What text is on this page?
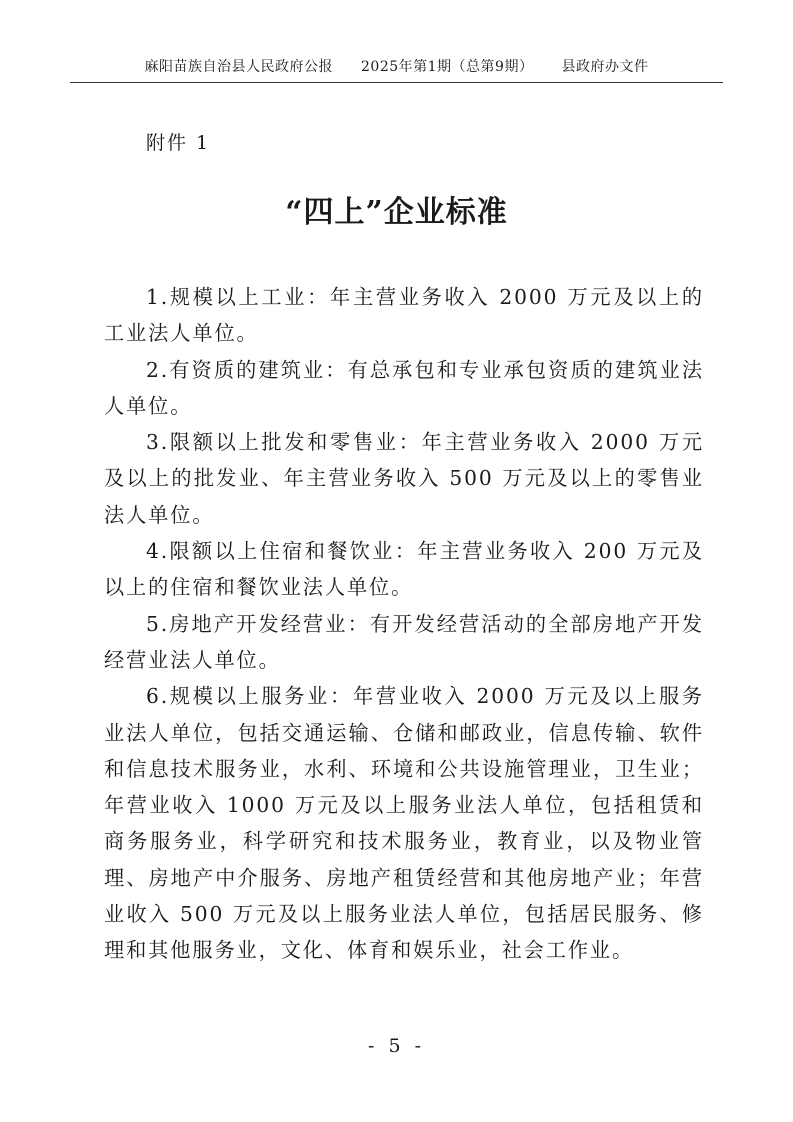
麻阳苗族自治县人民政府公报 2025年第1期（总第9期） 县政府办文件
附件 1
“四上”企业标准

1.规模以上工业：年主营业务收入 2000 万元及以上的工业法人单位。

2.有资质的建筑业：有总承包和专业承包资质的建筑业法人单位。

3.限额以上批发和零售业：年主营业务收入 2000 万元及以上的批发业、年主营业务收入 500 万元及以上的零售业法人单位。

4.限额以上住宿和餐饮业：年主营业务收入 200 万元及以上的住宿和餐饮业法人单位。

5.房地产开发经营业：有开发经营活动的全部房地产开发经营业法人单位。

6.规模以上服务业：年营业收入 2000 万元及以上服务业法人单位，包括交通运输、仓储和邮政业，信息传输、软件和信息技术服务业，水利、环境和公共设施管理业，卫生业；年营业收入 1000 万元及以上服务业法人单位，包括租赁和商务服务业，科学研究和技术服务业，教育业，以及物业管理、房地产中介服务、房地产租赁经营和其他房地产业；年营业收入 500 万元及以上服务业法人单位，包括居民服务、修理和其他服务业，文化、体育和娱乐业，社会工作业。

- 5 -
